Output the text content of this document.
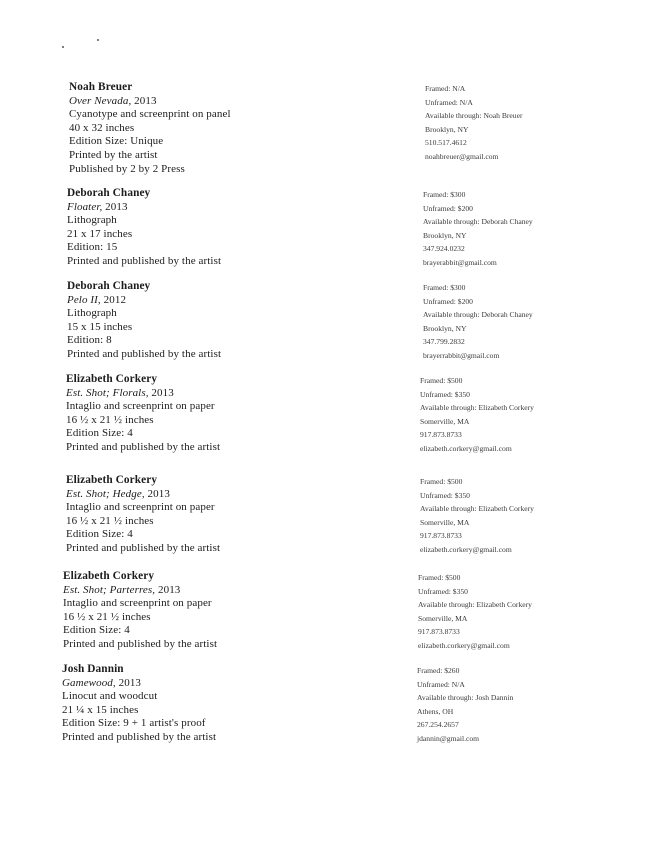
Noah Breuer
Over Nevada, 2013
Cyanotype and screenprint on panel
40 x 32 inches
Edition Size: Unique
Printed by the artist
Published by 2 by 2 Press
Framed: N/A
Unframed: N/A
Available through: Noah Breuer
Brooklyn, NY
510.517.4612
noahbreuer@gmail.com
Deborah Chaney
Floater, 2013
Lithograph
21 x 17 inches
Edition: 15
Printed and published by the artist
Framed: $300
Unframed: $200
Available through: Deborah Chaney
Brooklyn, NY
347.924.0232
brayerabbit@gmail.com
Deborah Chaney
Pelo II, 2012
Lithograph
15 x 15 inches
Edition: 8
Printed and published by the artist
Framed: $300
Unframed: $200
Available through: Deborah Chaney
Brooklyn, NY
347.799.2832
brayerrabbit@gmail.com
Elizabeth Corkery
Est. Shot; Florals, 2013
Intaglio and screenprint on paper
16 ½ x 21 ½ inches
Edition Size: 4
Printed and published by the artist
Framed: $500
Unframed: $350
Available through: Elizabeth Corkery
Somerville, MA
917.873.8733
elizabeth.corkery@gmail.com
Elizabeth Corkery
Est. Shot; Hedge, 2013
Intaglio and screenprint on paper
16 ½ x 21 ½ inches
Edition Size: 4
Printed and published by the artist
Framed: $500
Unframed: $350
Available through: Elizabeth Corkery
Somerville, MA
917.873.8733
elizabeth.corkery@gmail.com
Elizabeth Corkery
Est. Shot; Parterres, 2013
Intaglio and screenprint on paper
16 ½ x 21 ½ inches
Edition Size: 4
Printed and published by the artist
Framed: $500
Unframed: $350
Available through: Elizabeth Corkery
Somerville, MA
917.873.8733
elizabeth.corkery@gmail.com
Josh Dannin
Gamewood, 2013
Linocut and woodcut
21 ¼ x 15 inches
Edition Size: 9 + 1 artist's proof
Printed and published by the artist
Framed: $260
Unframed: N/A
Available through: Josh Dannin
Athens, OH
267.254.2657
jdannin@gmail.com
